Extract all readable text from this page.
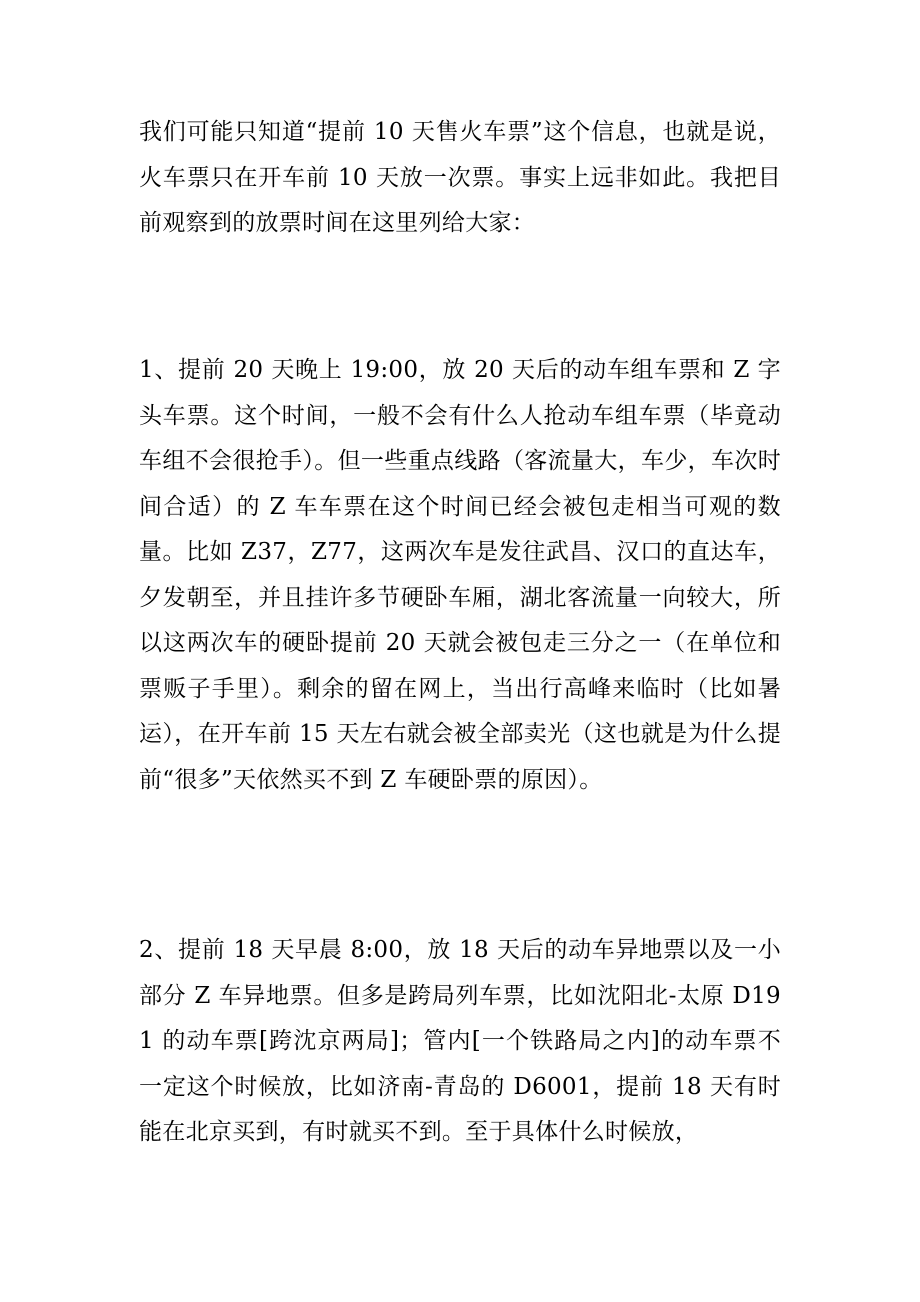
我们可能只知道“提前 10 天售火车票”这个信息，也就是说，火车票只在开车前 10 天放一次票。事实上远非如此。我把目前观察到的放票时间在这里列给大家：

1、提前 20 天晚上 19:00，放 20 天后的动车组车票和 Z 字头车票。这个时间，一般不会有什么人抢动车组车票（毕竟动车组不会很抢手）。但一些重点线路（客流量大，车少，车次时间合适）的 Z 车车票在这个时间已经会被包走相当可观的数量。比如 Z37，Z77，这两次车是发往武昌、汉口的直达车，夕发朝至，并且挂许多节硬卧车厢，湖北客流量一向较大，所以这两次车的硬卧提前 20 天就会被包走三分之一（在单位和票贩子手里）。剩余的留在网上，当出行高峰来临时（比如暑运），在开车前 15 天左右就会被全部卖光（这也就是为什么提前“很多”天依然买不到 Z 车硬卧票的原因）。

2、提前 18 天早晨 8:00，放 18 天后的动车异地票以及一小部分 Z 车异地票。但多是跨局列车票，比如沈阳北-太原 D191 的动车票[跨沈京两局]；管内[一个铁路局之内]的动车票不一定这个时候放，比如济南-青岛的 D6001，提前 18 天有时能在北京买到，有时就买不到。至于具体什么时候放，
